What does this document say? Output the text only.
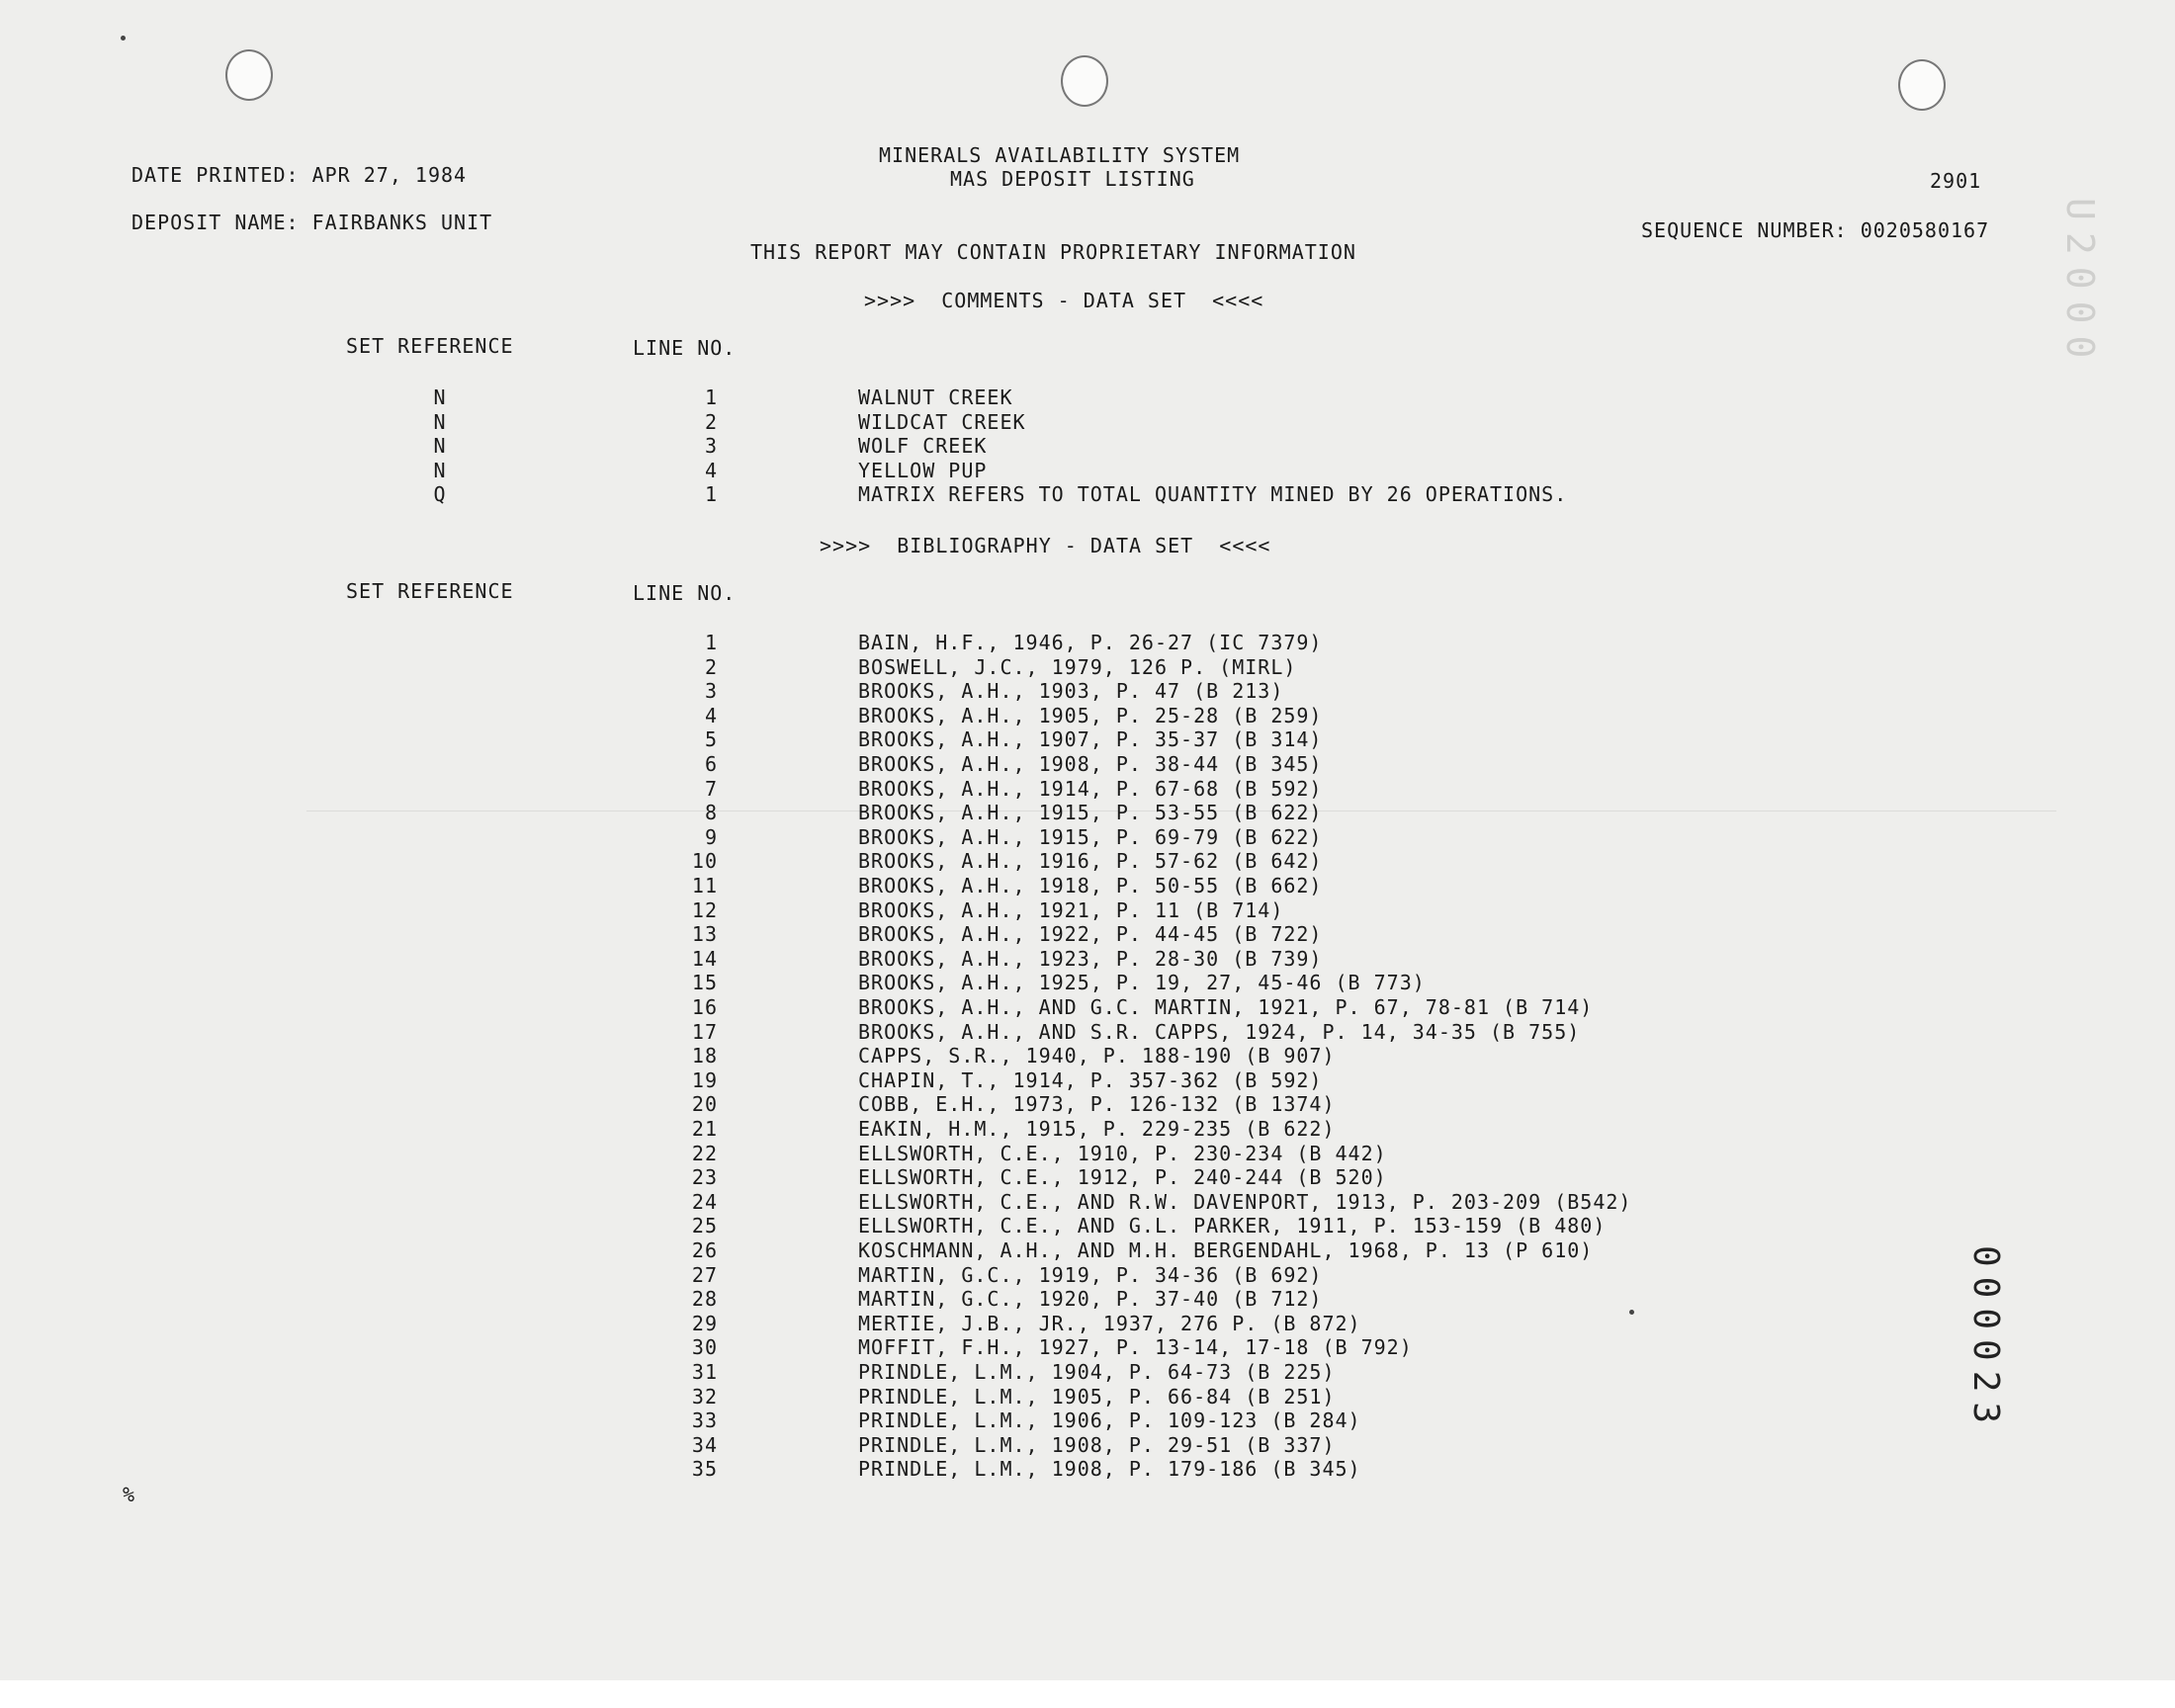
MINERALS AVAILABILITY SYSTEM
MAS DEPOSIT LISTING
DATE PRINTED: APR 27, 1984	2901
DEPOSIT NAME: FAIRBANKS UNIT	SEQUENCE NUMBER: 0020580167
THIS REPORT MAY CONTAIN PROPRIETARY INFORMATION
>>>>  COMMENTS - DATA SET  <<<<
SET REFERENCE	LINE NO.
N	1	WALNUT CREEK
N	2	WILDCAT CREEK
N	3	WOLF CREEK
N	4	YELLOW PUP
Q	1	MATRIX REFERS TO TOTAL QUANTITY MINED BY 26 OPERATIONS.
>>>>  BIBLIOGRAPHY - DATA SET  <<<<
SET REFERENCE	LINE NO.
1	BAIN, H.F., 1946, P. 26-27 (IC 7379)
2	BOSWELL, J.C., 1979, 126 P. (MIRL)
3	BROOKS, A.H., 1903, P. 47 (B 213)
4	BROOKS, A.H., 1905, P. 25-28 (B 259)
5	BROOKS, A.H., 1907, P. 35-37 (B 314)
6	BROOKS, A.H., 1908, P. 38-44 (B 345)
7	BROOKS, A.H., 1914, P. 67-68 (B 592)
8	BROOKS, A.H., 1915, P. 53-55 (B 622)
9	BROOKS, A.H., 1915, P. 69-79 (B 622)
10	BROOKS, A.H., 1916, P. 57-62 (B 642)
11	BROOKS, A.H., 1918, P. 50-55 (B 662)
12	BROOKS, A.H., 1921, P. 11 (B 714)
13	BROOKS, A.H., 1922, P. 44-45 (B 722)
14	BROOKS, A.H., 1923, P. 28-30 (B 739)
15	BROOKS, A.H., 1925, P. 19, 27, 45-46 (B 773)
16	BROOKS, A.H., AND G.C. MARTIN, 1921, P. 67, 78-81 (B 714)
17	BROOKS, A.H., AND S.R. CAPPS, 1924, P. 14, 34-35 (B 755)
18	CAPPS, S.R., 1940, P. 188-190 (B 907)
19	CHAPIN, T., 1914, P. 357-362 (B 592)
20	COBB, E.H., 1973, P. 126-132 (B 1374)
21	EAKIN, H.M., 1915, P. 229-235 (B 622)
22	ELLSWORTH, C.E., 1910, P. 230-234 (B 442)
23	ELLSWORTH, C.E., 1912, P. 240-244 (B 520)
24	ELLSWORTH, C.E., AND R.W. DAVENPORT, 1913, P. 203-209 (B542)
25	ELLSWORTH, C.E., AND G.L. PARKER, 1911, P. 153-159 (B 480)
26	KOSCHMANN, A.H., AND M.H. BERGENDAHL, 1968, P. 13 (P 610)
27	MARTIN, G.C., 1919, P. 34-36 (B 692)
28	MARTIN, G.C., 1920, P. 37-40 (B 712)
29	MERTIE, J.B., JR., 1937, 276 P. (B 872)
30	MOFFIT, F.H., 1927, P. 13-14, 17-18 (B 792)
31	PRINDLE, L.M., 1904, P. 64-73 (B 225)
32	PRINDLE, L.M., 1905, P. 66-84 (B 251)
33	PRINDLE, L.M., 1906, P. 109-123 (B 284)
34	PRINDLE, L.M., 1908, P. 29-51 (B 337)
35	PRINDLE, L.M., 1908, P. 179-186 (B 345)
000023
U2000
%
